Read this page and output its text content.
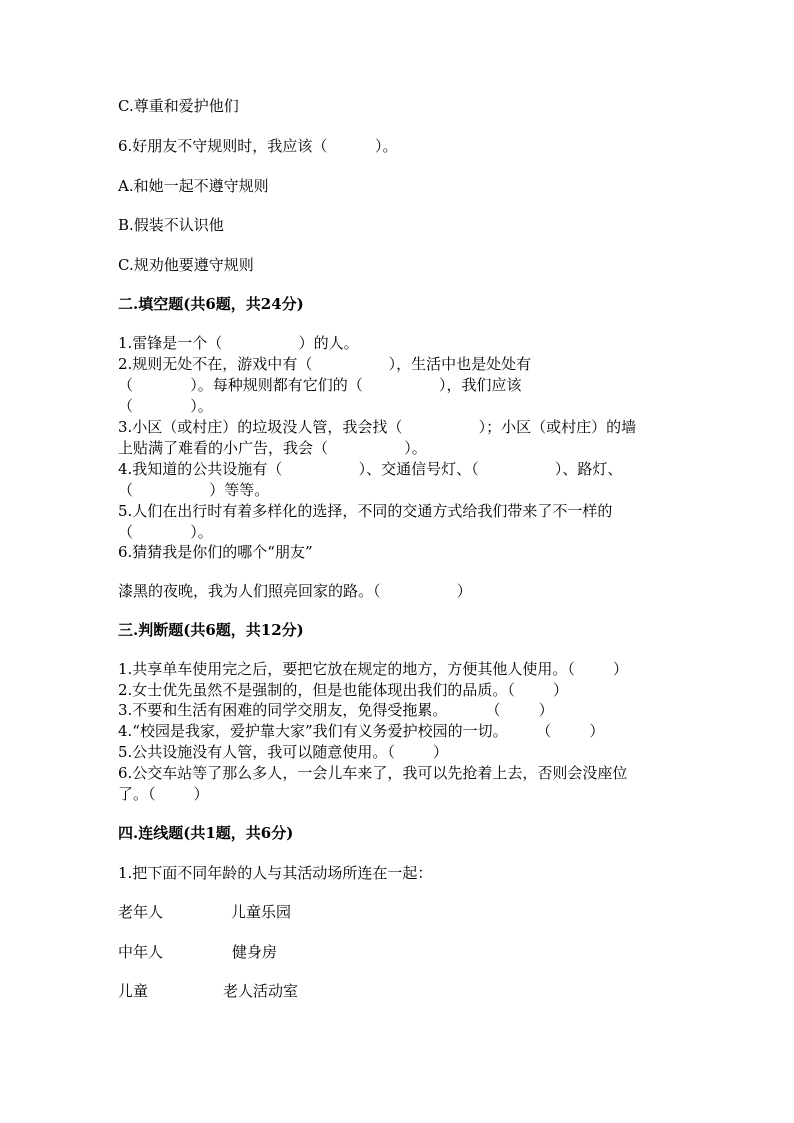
C.尊重和爱护他们
6.好朋友不守规则时，我应该（          ）。
A.和她一起不遵守规则
B.假装不认识他
C.规劝他要遵守规则
二.填空题(共6题，共24分)
1.雷锋是一个（                ）的人。
2.规则无处不在，游戏中有（                ），生活中也是处处有
（            ）。每种规则都有它们的（                ），我们应该
（            ）。
3.小区（或村庄）的垃圾没人管，我会找（                ）；小区（或村庄）的墙
上贴满了难看的小广告，我会（                ）。
4.我知道的公共设施有（                ）、交通信号灯、（                ）、路灯、
（                ）等等。
5.人们在出行时有着多样化的选择，不同的交通方式给我们带来了不一样的
（            ）。
6.猜猜我是你们的哪个“朋友”
漆黑的夜晚，我为人们照亮回家的路。（                ）
三.判断题(共6题，共12分)
1.共享单车使用完之后，要把它放在规定的地方，方便其他人使用。（        ）
2.女士优先虽然不是强制的，但是也能体现出我们的品质。（        ）
3.不要和生活有困难的同学交朋友，免得受拖累。        （        ）
4.“校园是我家，爱护靠大家”我们有义务爱护校园的一切。      （        ）
5.公共设施没有人管，我可以随意使用。（        ）
6.公交车站等了那么多人，一会儿车来了，我可以先抢着上去，否则会没座位
了。（        ）
四.连线题(共1题，共6分)
1.把下面不同年龄的人与其活动场所连在一起：
老年人	儿童乐园
中年人	健身房
儿童	老人活动室
